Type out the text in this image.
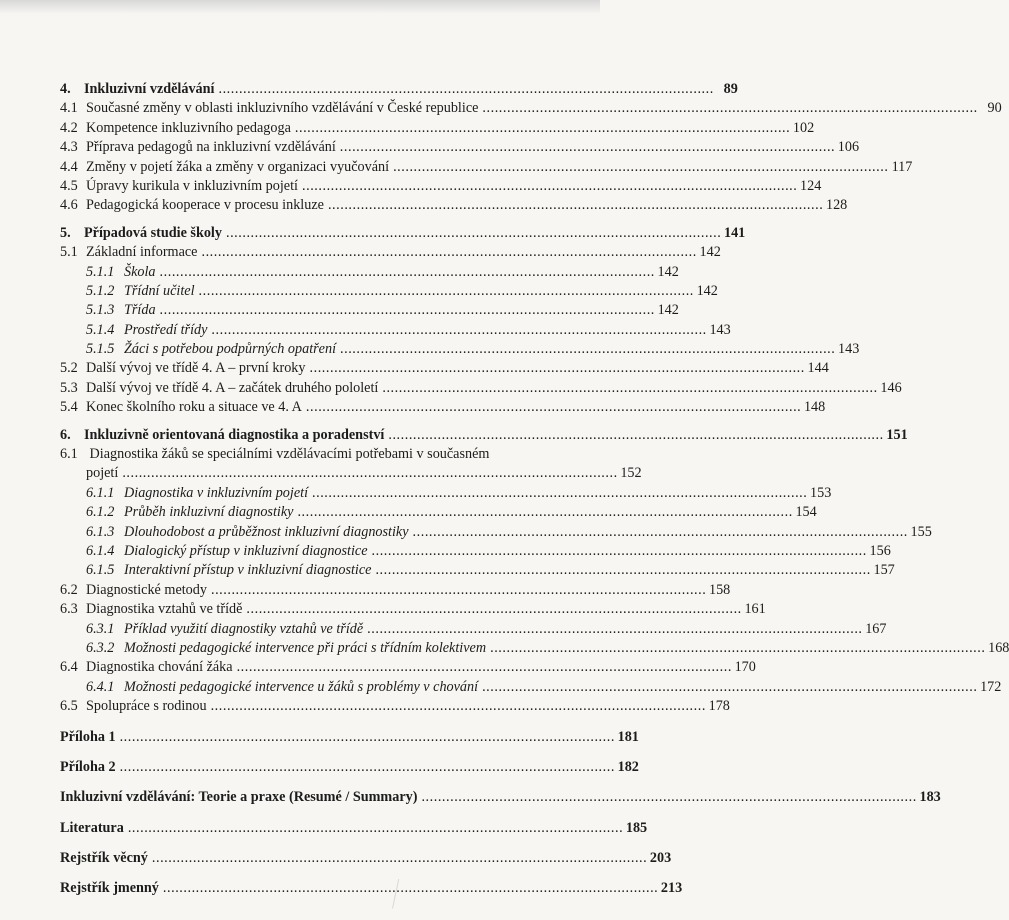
4. Inkluzivní vzdělávání . . .	89
4.1 Současné změny v oblasti inkluzivního vzdělávání v České republice . . .	90
4.2 Kompetence inkluzivního pedagoga . . .	102
4.3 Příprava pedagogů na inkluzivní vzdělávání . . .	106
4.4 Změny v pojetí žáka a změny v organizaci vyučování . . .	117
4.5 Úpravy kurikula v inkluzivním pojetí . . .	124
4.6 Pedagogická kooperace v procesu inkluze . . .	128
5. Případová studie školy . . .	141
5.1 Základní informace . . .	142
5.1.1 Škola . . .	142
5.1.2 Třídní učitel . . .	142
5.1.3 Třída . . .	142
5.1.4 Prostředí třídy . . .	143
5.1.5 Žáci s potřebou podpůrných opatření . . .	143
5.2 Další vývoj ve třídě 4. A – první kroky . . .	144
5.3 Další vývoj ve třídě 4. A – začátek druhého pololetí . . .	146
5.4 Konec školního roku a situace ve 4. A . . .	148
6. Inkluzivně orientovaná diagnostika a poradenství . . .	151
6.1 Diagnostika žáků se speciálními vzdělávacími potřebami v současném
pojetí . . .	152
6.1.1 Diagnostika v inkluzivním pojetí . . .	153
6.1.2 Průběh inkluzivní diagnostiky . . .	154
6.1.3 Dlouhodobost a průběžnost inkluzivní diagnostiky . . .	155
6.1.4 Dialogický přístup v inkluzivní diagnostice . . .	156
6.1.5 Interaktivní přístup v inkluzivní diagnostice . . .	157
6.2 Diagnostické metody . . .	158
6.3 Diagnostika vztahů ve třídě . . .	161
6.3.1 Příklad využití diagnostiky vztahů ve třídě . . .	167
6.3.2 Možnosti pedagogické intervence při práci s třídním kolektivem . . .	168
6.4 Diagnostika chování žáka . . .	170
6.4.1 Možnosti pedagogické intervence u žáků s problémy v chování . . .	172
6.5 Spolupráce s rodinou . . .	178
Příloha 1 . . .	181
Příloha 2 . . .	182
Inkluzivní vzdělávání: Teorie a praxe (Resumé / Summary) . . .	183
Literatura . . .	185
Rejstřík věcný . . .	203
Rejstřík jmenný . . .	213
